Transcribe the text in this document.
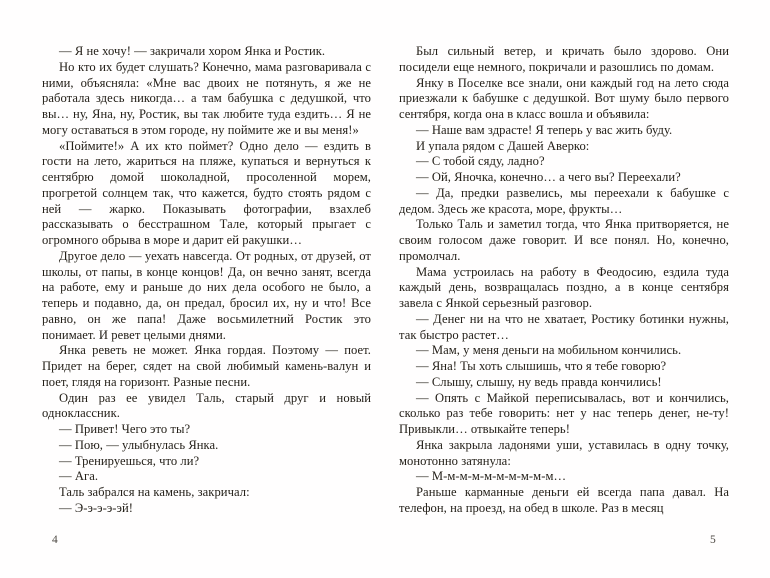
— Я не хочу! — закричали хором Янка и Ростик.

Но кто их будет слушать? Конечно, мама разговаривала с ними, объясняла: «Мне вас двоих не потянуть, я же не работала здесь никогда… а там бабушка с дедушкой, что вы… ну, Яна, ну, Ростик, вы так любите туда ездить… Я не могу оставаться в этом городе, ну поймите же и вы меня!»

«Поймите!» А их кто поймет? Одно дело — ездить в гости на лето, жариться на пляже, купаться и вернуться к сентябрю домой шоколадной, просоленной морем, прогретой солнцем так, что кажется, будто стоять рядом с ней — жарко. Показывать фотографии, взахлеб рассказывать о бесстрашном Тале, который прыгает с огромного обрыва в море и дарит ей ракушки…

Другое дело — уехать навсегда. От родных, от друзей, от школы, от папы, в конце концов! Да, он вечно занят, всегда на работе, ему и раньше до них дела особого не было, а теперь и подавно, да, он предал, бросил их, ну и что! Все равно, он же папа! Даже восьмилетний Ростик это понимает. И ревет целыми днями.

Янка реветь не может. Янка гордая. Поэтому — поет. Придет на берег, сядет на свой любимый камень-валун и поет, глядя на горизонт. Разные песни.

Один раз ее увидел Таль, старый друг и новый одноклассник.

— Привет! Чего это ты?

— Пою, — улыбнулась Янка.

— Тренируешься, что ли?

— Ага.

Таль забрался на камень, закричал:

— Э-э-э-э-эй!

Был сильный ветер, и кричать было здорово. Они посидели еще немного, покричали и разошлись по домам.

Янку в Поселке все знали, они каждый год на лето сюда приезжали к бабушке с дедушкой. Вот шуму было первого сентября, когда она в класс вошла и объявила:

— Наше вам здрасте! Я теперь у вас жить буду.

И упала рядом с Дашей Аверко:

— С тобой сяду, ладно?

— Ой, Яночка, конечно… а чего вы? Переехали?

— Да, предки развелись, мы переехали к бабушке с дедом. Здесь же красота, море, фрукты…

Только Таль и заметил тогда, что Янка притворяется, не своим голосом даже говорит. И все понял. Но, конечно, промолчал.

Мама устроилась на работу в Феодосию, ездила туда каждый день, возвращалась поздно, а в конце сентября завела с Янкой серьезный разговор.

— Денег ни на что не хватает, Ростику ботинки нужны, так быстро растет…

— Мам, у меня деньги на мобильном кончились.

— Яна! Ты хоть слышишь, что я тебе говорю?

— Слышу, слышу, ну ведь правда кончились!

— Опять с Майкой переписывалась, вот и кончились, сколько раз тебе говорить: нет у нас теперь денег, не-ту! Привыкли… отвыкайте теперь!

Янка закрыла ладонями уши, уставилась в одну точку, монотонно затянула:

— М-м-м-м-м-м-м-м-м-м…

Раньше карманные деньги ей всегда папа давал. На телефон, на проезд, на обед в школе. Раз в месяц

4	5
